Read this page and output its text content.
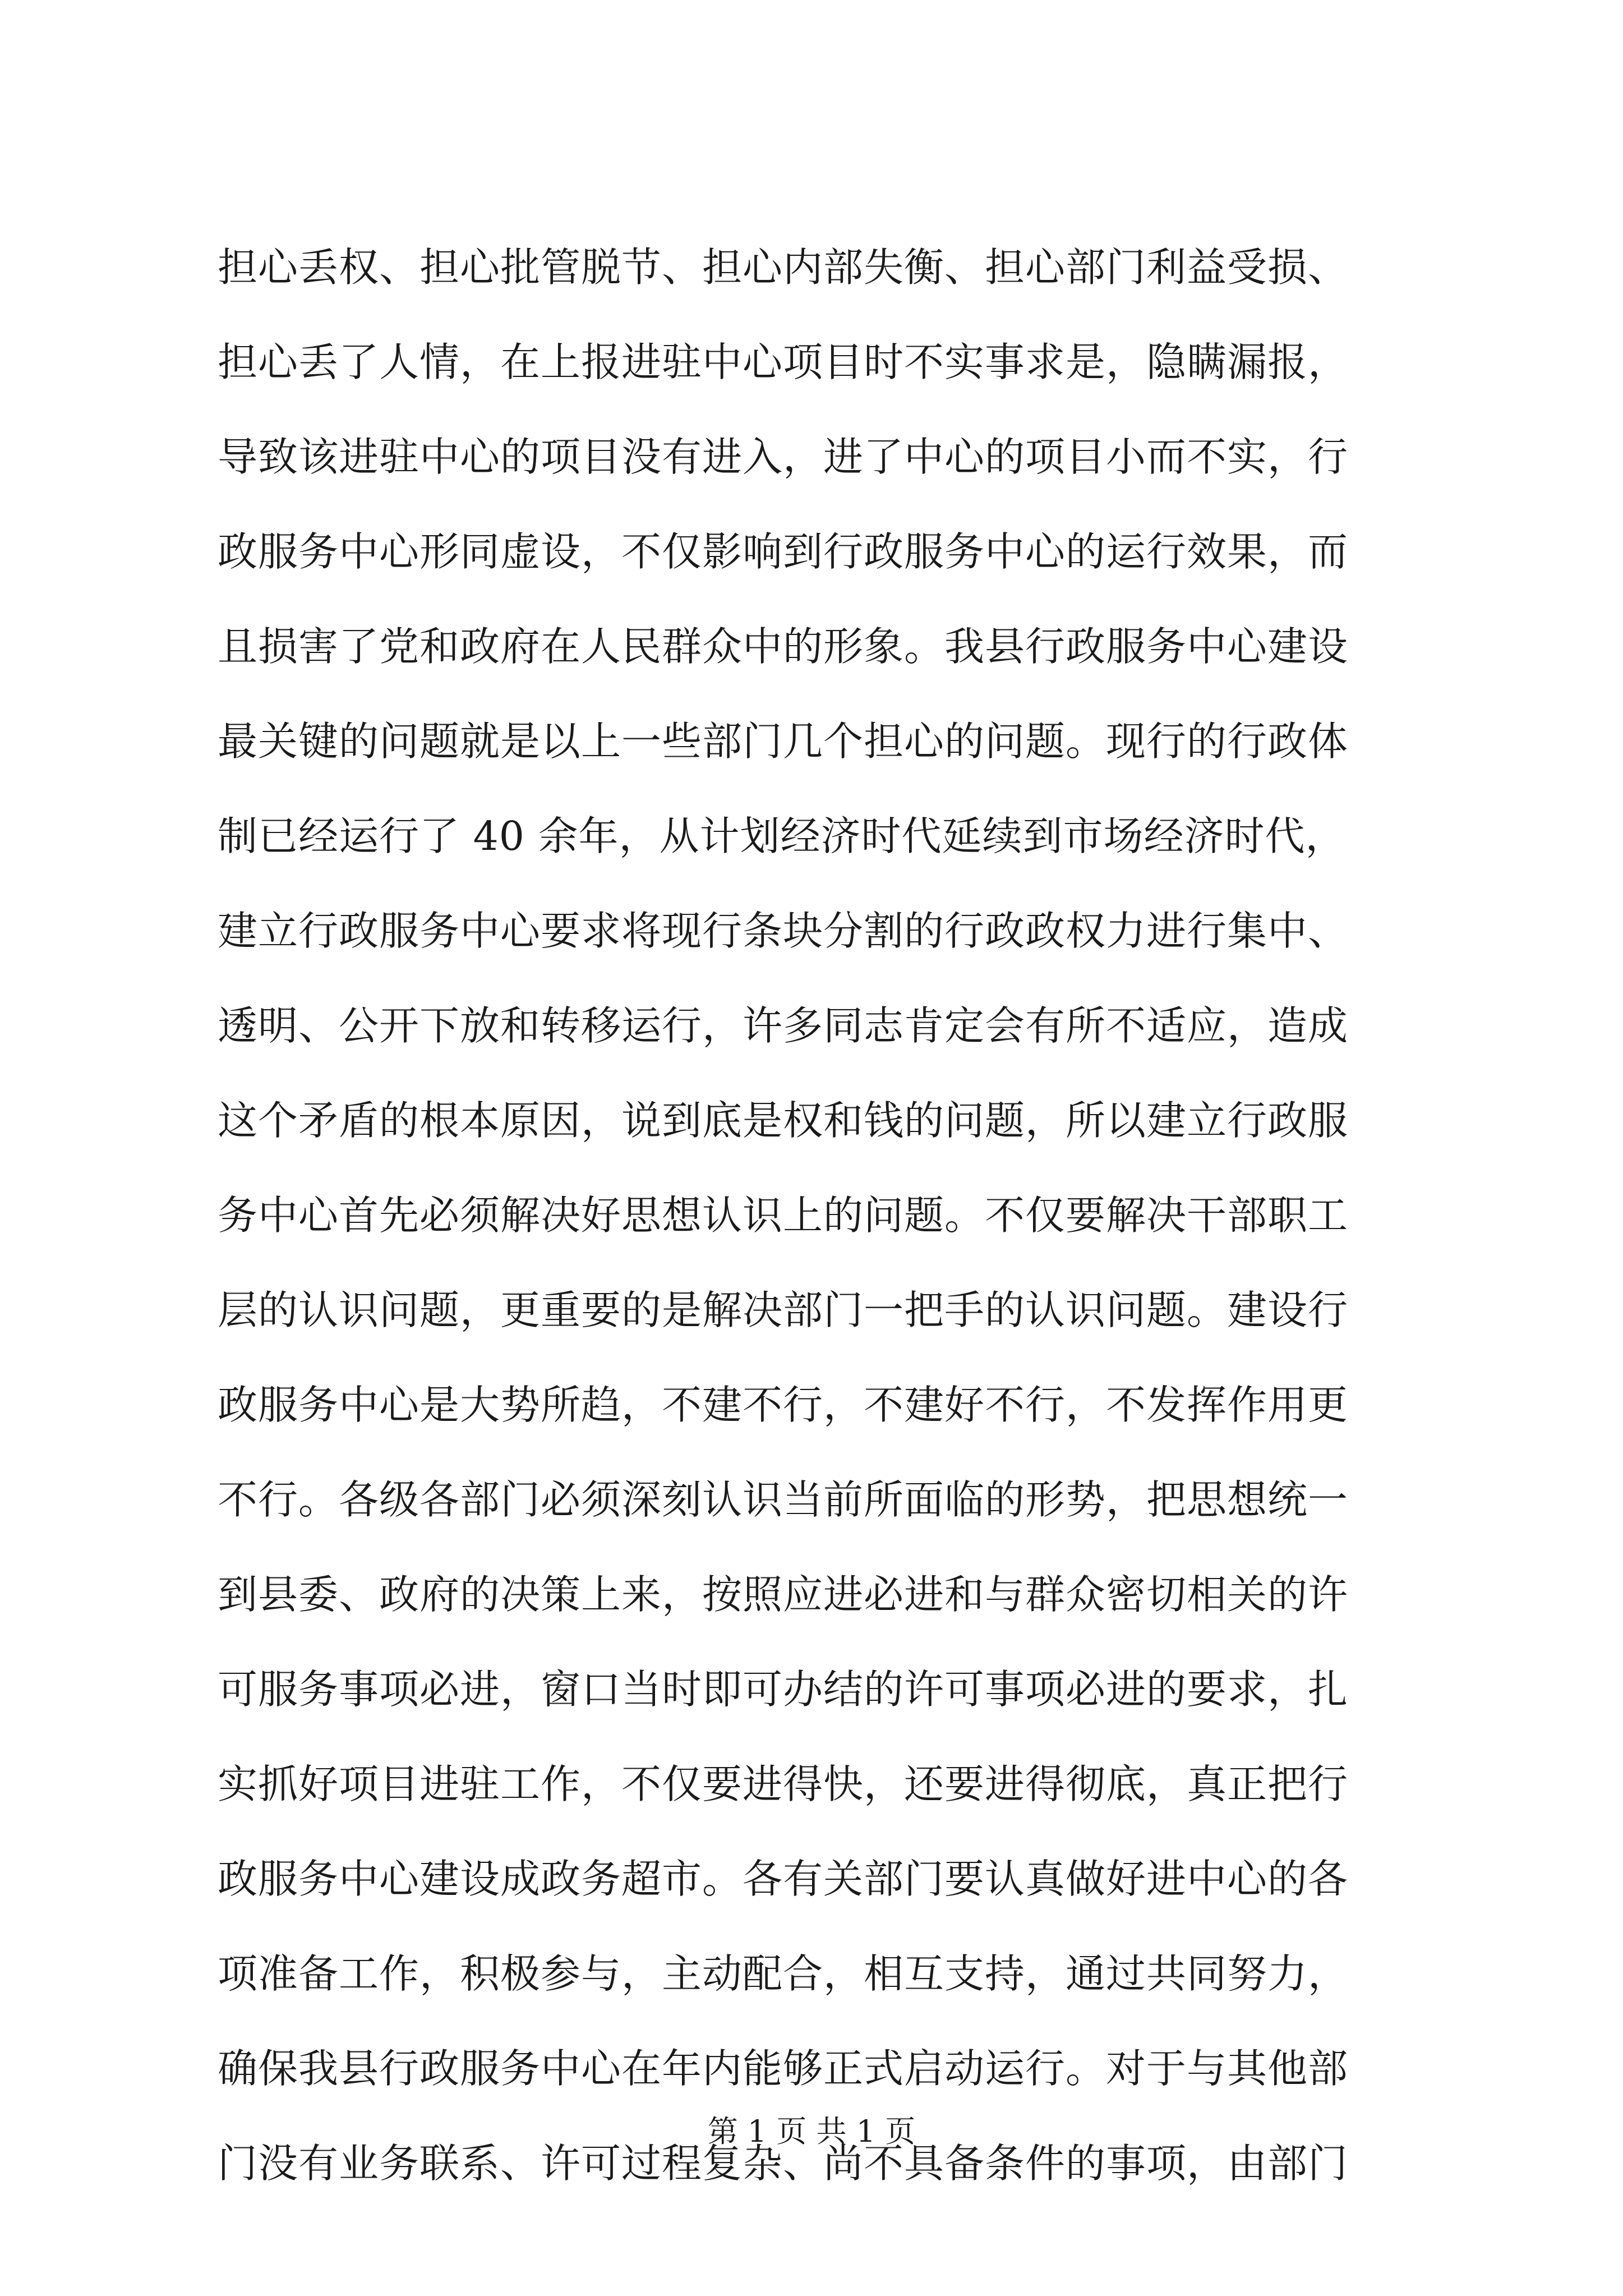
担心丢权、担心批管脱节、担心内部失衡、担心部门利益受损、
担心丢了人情，在上报进驻中心项目时不实事求是，隐瞒漏报，
导致该进驻中心的项目没有进入，进了中心的项目小而不实，行
政服务中心形同虚设，不仅影响到行政服务中心的运行效果，而
且损害了党和政府在人民群众中的形象。我县行政服务中心建设
最关键的问题就是以上一些部门几个担心的问题。现行的行政体
制已经运行了 40 余年，从计划经济时代延续到市场经济时代，
建立行政服务中心要求将现行条块分割的行政政权力进行集中、
透明、公开下放和转移运行，许多同志肯定会有所不适应，造成
这个矛盾的根本原因，说到底是权和钱的问题，所以建立行政服
务中心首先必须解决好思想认识上的问题。不仅要解决干部职工
层的认识问题，更重要的是解决部门一把手的认识问题。建设行
政服务中心是大势所趋，不建不行，不建好不行，不发挥作用更
不行。各级各部门必须深刻认识当前所面临的形势，把思想统一
到县委、政府的决策上来，按照应进必进和与群众密切相关的许
可服务事项必进，窗口当时即可办结的许可事项必进的要求，扎
实抓好项目进驻工作，不仅要进得快，还要进得彻底，真正把行
政服务中心建设成政务超市。各有关部门要认真做好进中心的各
项准备工作，积极参与，主动配合，相互支持，通过共同努力，
确保我县行政服务中心在年内能够正式启动运行。对于与其他部
门没有业务联系、许可过程复杂、尚不具备条件的事项，由部门
第 1 页 共 1 页
